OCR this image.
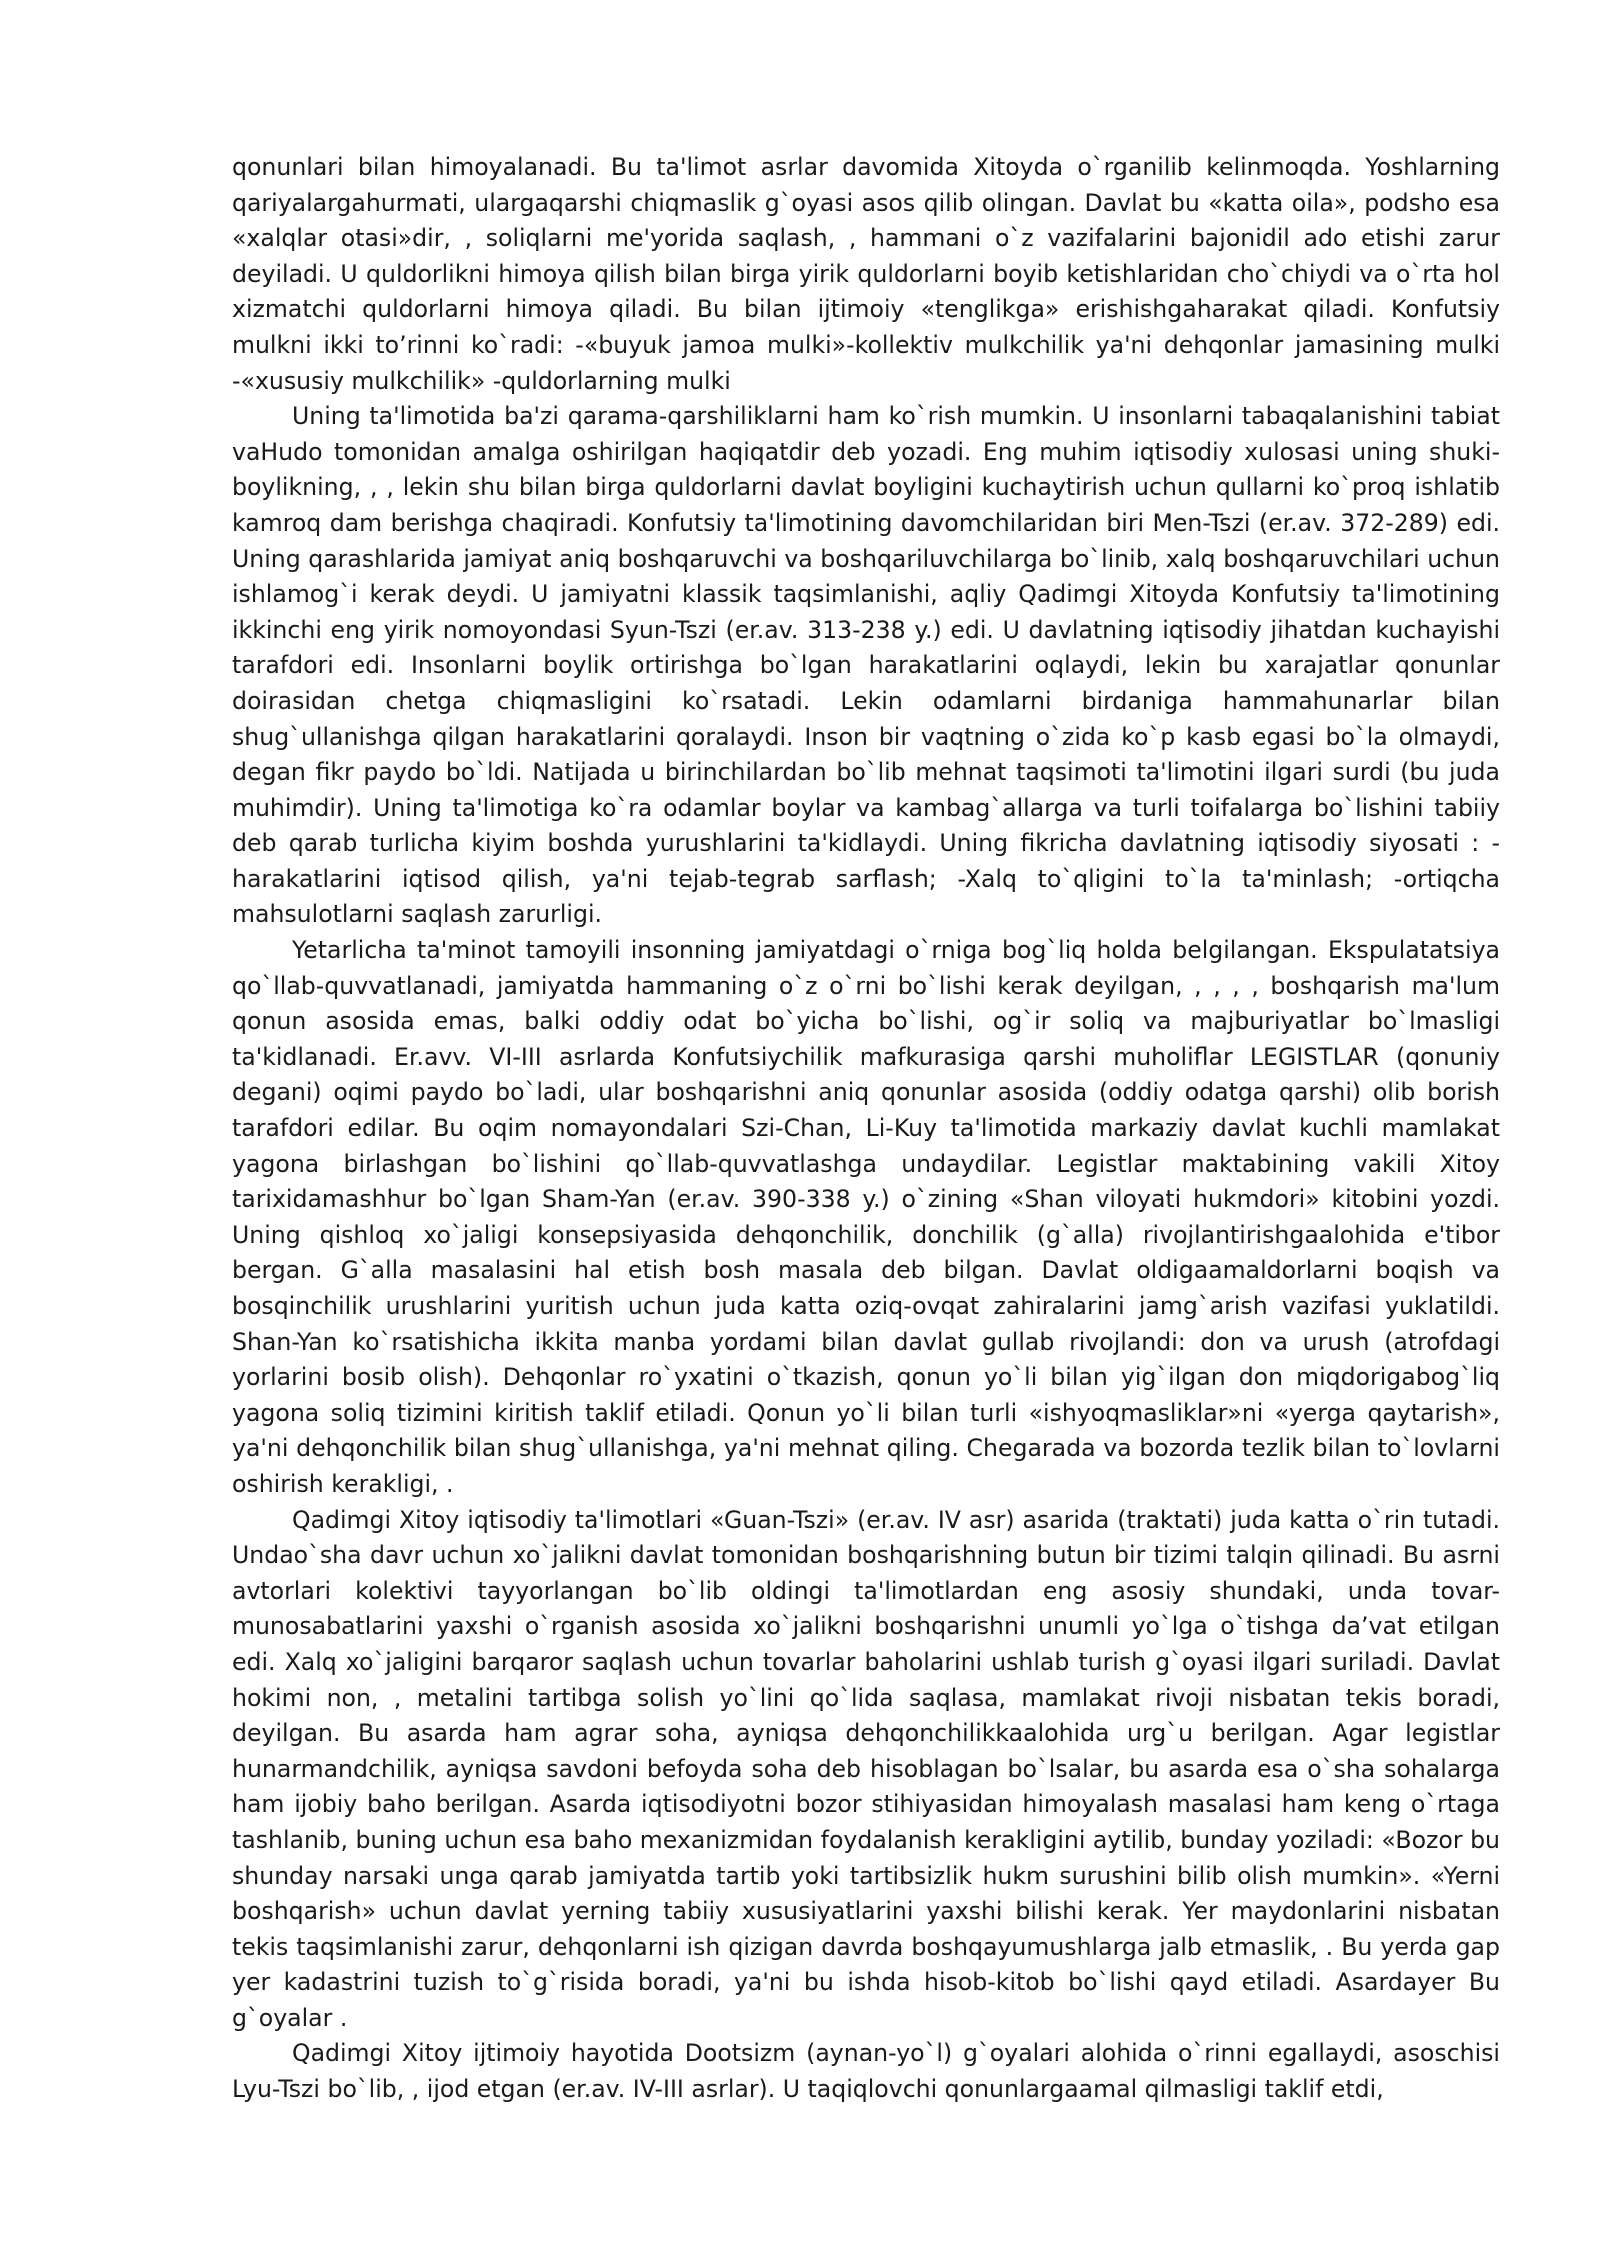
qonunlari bilan himoyalanadi. Bu ta'limot asrlar davomida Xitoyda o`rganilib kelinmoqda. Yoshlarning qariyalargahurmati, ulargaqarshi chiqmaslik g`oyasi asos qilib olingan. Davlat bu «katta oila», podsho esa «xalqlar otasi»dir, , soliqlarni me'yorida saqlash, , hammani o`z vazifalarini bajonidil ado etishi zarur deyiladi. U quldorlikni himoya qilish bilan birga yirik quldorlarni boyib ketishlaridan cho`chiydi va o`rta hol xizmatchi quldorlarni himoya qiladi. Bu bilan ijtimoiy «tenglikga» erishishgaharakat qiladi. Konfutsiy mulkni ikki to’rinni ko`radi: -«buyuk jamoa mulki»-kollektiv mulkchilik ya'ni dehqonlar jamasining mulki -«xususiy mulkchilik» -quldorlarning mulki

Uning ta'limotida ba'zi qarama-qarshiliklarni ham ko`rish mumkin. U insonlarni tabaqalanishini tabiat vaHudo tomonidan amalga oshirilgan haqiqatdir deb yozadi. Eng muhim iqtisodiy xulosasi uning shuki-boylikning, , , lekin shu bilan birga quldorlarni davlat boyligini kuchaytirish uchun qullarni ko`proq ishlatib kamroq dam berishga chaqiradi. Konfutsiy ta'limotining davomchilaridan biri Men-Tszi (er.av. 372-289) edi. Uning qarashlarida jamiyat aniq boshqaruvchi va boshqariluvchilarga bo`linib, xalq boshqaruvchilari uchun ishlamog`i kerak deydi. U jamiyatni klassik taqsimlanishi, aqliy Qadimgi Xitoyda Konfutsiy ta'limotining ikkinchi eng yirik nomoyondasi Syun-Tszi (er.av. 313-238 y.) edi. U davlatning iqtisodiy jihatdan kuchayishi tarafdori edi. Insonlarni boylik ortirishga bo`lgan harakatlarini oqlaydi, lekin bu xarajatlar qonunlar doirasidan chetga chiqmasligini ko`rsatadi. Lekin odamlarni birdaniga hammahunarlar bilan shug`ullanishga qilgan harakatlarini qoralaydi. Inson bir vaqtning o`zida ko`p kasb egasi bo`la olmaydi, degan fikr paydo bo`ldi. Natijada u birinchilardan bo`lib mehnat taqsimoti ta'limotini ilgari surdi (bu juda muhimdir). Uning ta'limotiga ko`ra odamlar boylar va kambag`allarga va turli toifalarga bo`lishini tabiiy deb qarab turlicha kiyim boshda yurushlarini ta'kidlaydi. Uning fikricha davlatning iqtisodiy siyosati : -harakatlarini iqtisod qilish, ya'ni tejab-tegrab sarflash; -Xalq to`qligini to`la ta'minlash; -ortiqcha mahsulotlarni saqlash zarurligi.

Yetarlicha ta'minot tamoyili insonning jamiyatdagi o`rniga bog`liq holda belgilangan. Ekspulatatsiya qo`llab-quvvatlanadi, jamiyatda hammaning o`z o`rni bo`lishi kerak deyilgan, , , , , boshqarish ma'lum qonun asosida emas, balki oddiy odat bo`yicha bo`lishi, og`ir soliq va majburiyatlar bo`lmasligi ta'kidlanadi. Er.avv. VI-III asrlarda Konfutsiychilik mafkurasiga qarshi muholiflar LEGISTLAR (qonuniy degani) oqimi paydo bo`ladi, ular boshqarishni aniq qonunlar asosida (oddiy odatga qarshi) olib borish tarafdori edilar. Bu oqim nomayondalari Szi-Chan, Li-Kuy ta'limotida markaziy davlat kuchli mamlakat yagona birlashgan bo`lishini qo`llab-quvvatlashga undaydilar. Legistlar maktabining vakili Xitoy tarixidamashhur bo`lgan Sham-Yan (er.av. 390-338 y.) o`zining «Shan viloyati hukmdori» kitobini yozdi. Uning qishloq xo`jaligi konsepsiyasida dehqonchilik, donchilik (g`alla) rivojlantirishgaalohida e'tibor bergan. G`alla masalasini hal etish bosh masala deb bilgan. Davlat oldigaamaldorlarni boqish va bosqinchilik urushlarini yuritish uchun juda katta oziq-ovqat zahiralarini jamg`arish vazifasi yuklatildi. Shan-Yan ko`rsatishicha ikkita manba yordami bilan davlat gullab rivojlandi: don va urush (atrofdagi yorlarini bosib olish). Dehqonlar ro`yxatini o`tkazish, qonun yo`li bilan yig`ilgan don miqdorigabog`liq yagona soliq tizimini kiritish taklif etiladi. Qonun yo`li bilan turli «ishyoqmasliklar»ni «yerga qaytarish», ya'ni dehqonchilik bilan shug`ullanishga, ya'ni mehnat qiling. Chegarada va bozorda tezlik bilan to`lovlarni oshirish kerakligi, .

Qadimgi Xitoy iqtisodiy ta'limotlari «Guan-Tszi» (er.av. IV asr) asarida (traktati) juda katta o`rin tutadi. Undao`sha davr uchun xo`jalikni davlat tomonidan boshqarishning butun bir tizimi talqin qilinadi. Bu asrni avtorlari kolektivi tayyorlangan bo`lib oldingi ta'limotlardan eng asosiy shundaki, unda tovar-munosabatlarini yaxshi o`rganish asosida xo`jalikni boshqarishni unumli yo`lga o`tishga da’vat etilgan edi. Xalq xo`jaligini barqaror saqlash uchun tovarlar baholarini ushlab turish g`oyasi ilgari suriladi. Davlat hokimi non, , metalini tartibga solish yo`lini qo`lida saqlasa, mamlakat rivoji nisbatan tekis boradi, deyilgan. Bu asarda ham agrar soha, ayniqsa dehqonchilikkaalohida urg`u berilgan. Agar legistlar hunarmandchilik, ayniqsa savdoni befoyda soha deb hisoblagan bo`lsalar, bu asarda esa o`sha sohalarga ham ijobiy baho berilgan. Asarda iqtisodiyotni bozor stihiyasidan himoyalash masalasi ham keng o`rtaga tashlanib, buning uchun esa baho mexanizmidan foydalanish kerakligini aytilib, bunday yoziladi: «Bozor bu shunday narsaki unga qarab jamiyatda tartib yoki tartibsizlik hukm surushini bilib olish mumkin». «Yerni boshqarish» uchun davlat yerning tabiiy xususiyatlarini yaxshi bilishi kerak. Yer maydonlarini nisbatan tekis taqsimlanishi zarur, dehqonlarni ish qizigan davrda boshqayumushlarga jalb etmaslik, . Bu yerda gap yer kadastrini tuzish to`g`risida boradi, ya'ni bu ishda hisob-kitob bo`lishi qayd etiladi. Asardayer Bu g`oyalar .

Qadimgi Xitoy ijtimoiy hayotida Dootsizm (aynan-yo`l) g`oyalari alohida o`rinni egallaydi, asoschisi Lyu-Tszi bo`lib, , ijod etgan (er.av. IV-III asrlar). U taqiqlovchi qonunlargaamal qilmasligi taklif etdi,
